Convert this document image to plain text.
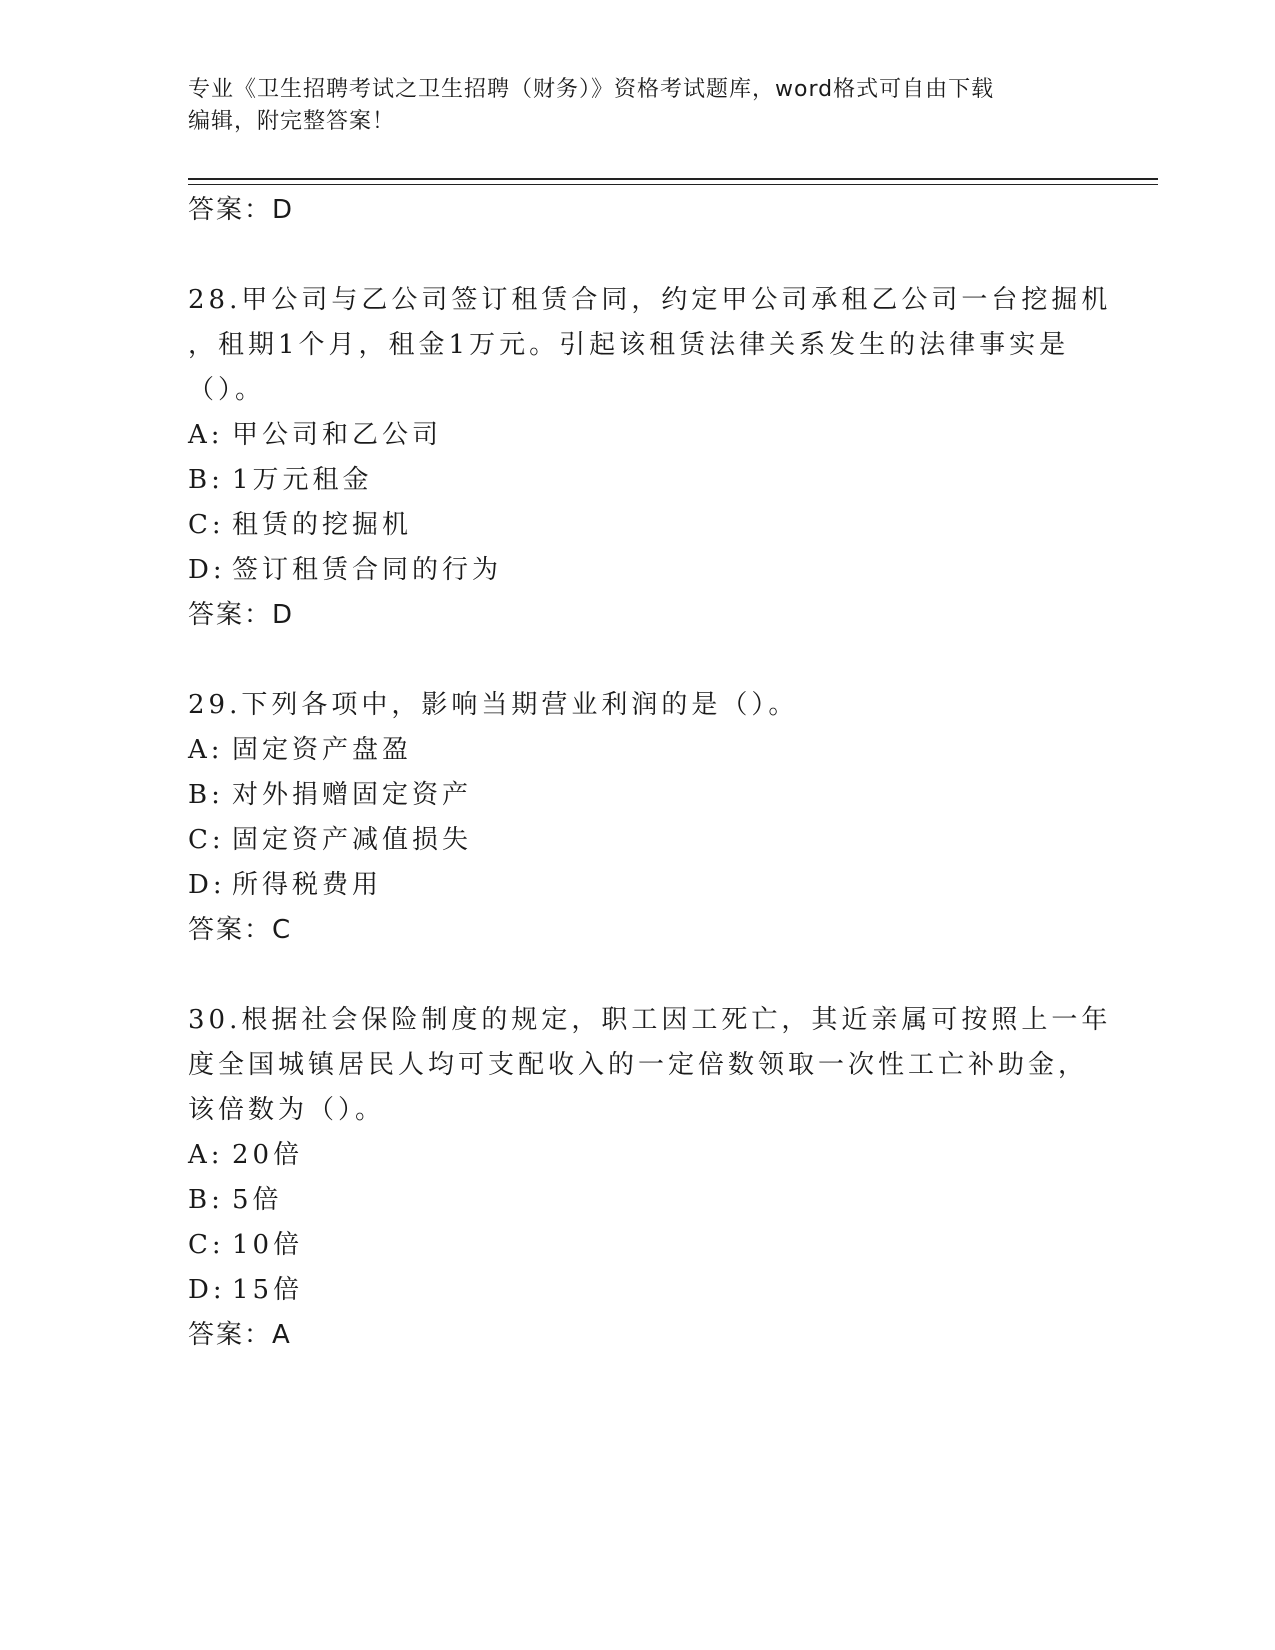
专业《卫生招聘考试之卫生招聘（财务）》资格考试题库，word格式可自由下载
编辑，附完整答案！
答案：D
28.甲公司与乙公司签订租赁合同，约定甲公司承租乙公司一台挖掘机
，租期1个月，租金1万元。引起该租赁法律关系发生的法律事实是
（）。
A: 甲公司和乙公司
B: 1万元租金
C: 租赁的挖掘机
D: 签订租赁合同的行为
答案：D
29.下列各项中，影响当期营业利润的是（）。
A: 固定资产盘盈
B: 对外捐赠固定资产
C: 固定资产减值损失
D: 所得税费用
答案：C
30.根据社会保险制度的规定，职工因工死亡，其近亲属可按照上一年
度全国城镇居民人均可支配收入的一定倍数领取一次性工亡补助金，
该倍数为（）。
A: 20倍
B: 5倍
C: 10倍
D: 15倍
答案：A
